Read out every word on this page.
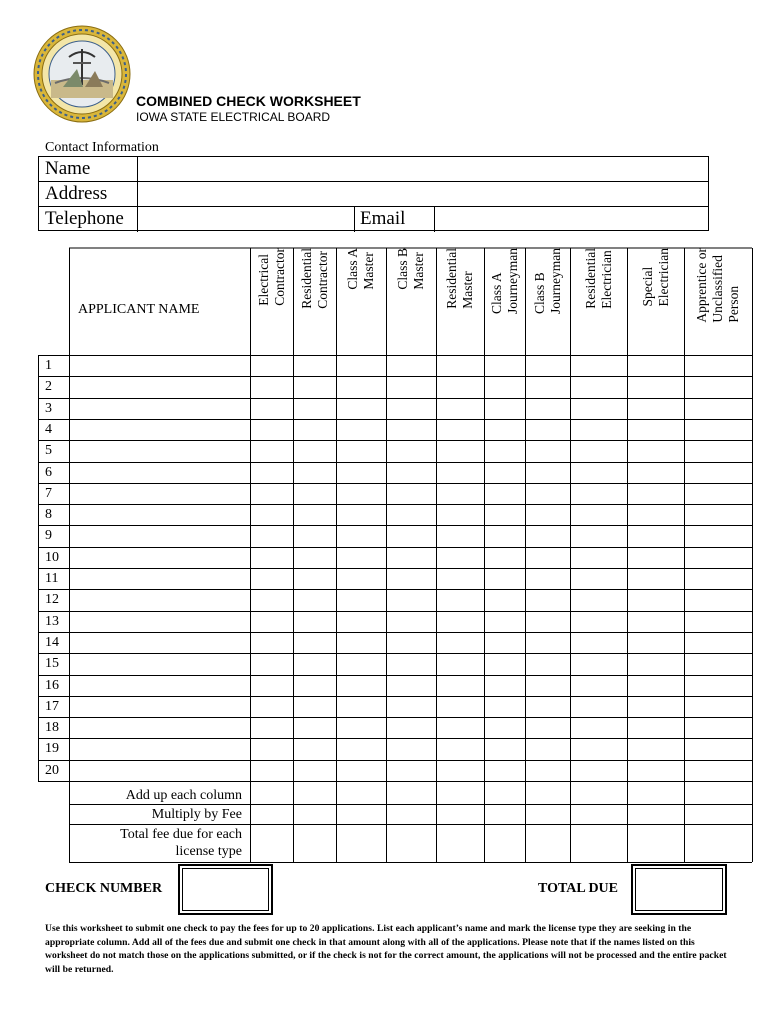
COMBINED CHECK WORKSHEET
IOWA STATE ELECTRICAL BOARD
Contact Information
Name
Address
Telephone	Email
APPLICANT NAME
Electrical
Contractor Residential
Contractor Class A
Master Class B
Master Residential
Master Class A
Journeyman Class B
Journeyman Residential
Electrician Special
Electrician Apprentice or
Unclassified
Person
1
2
3
4
5
6
7
8
9
10
11
12
13
14
15
16
17
18
19
20
Add up each column
Multiply by Fee
Total fee due for each
license type
CHECK NUMBER	TOTAL DUE
Use this worksheet to submit one check to pay the fees for up to 20 applications. List each applicant’s name and mark the license type they are seeking in the appropriate column. Add all of the fees due and submit one check in that amount along with all of the applications. Please note that if the names listed on this worksheet do not match those on the applications submitted, or if the check is not for the correct amount, the applications will not be processed and the entire packet will be returned.
